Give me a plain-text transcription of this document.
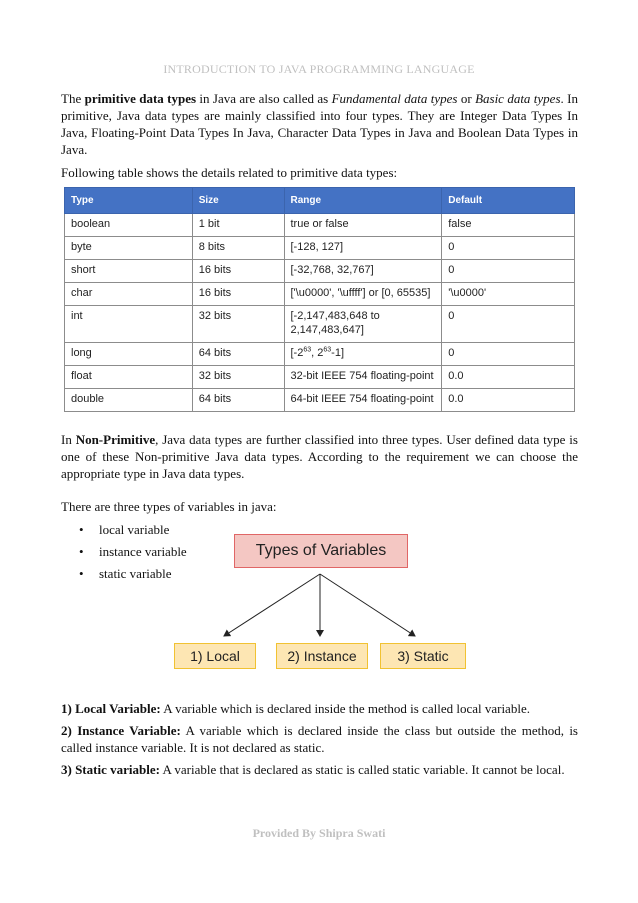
INTRODUCTION TO JAVA PROGRAMMING LANGUAGE

The primitive data types in Java are also called as Fundamental data types or Basic data types. In primitive, Java data types are mainly classified into four types. They are Integer Data Types In Java, Floating-Point Data Types In Java, Character Data Types in Java and Boolean Data Types in Java.

Following table shows the details related to primitive data types:

Type	Size	Range	Default
boolean	1 bit	true or false	false
byte	8 bits	[-128, 127]	0
short	16 bits	[-32,768, 32,767]	0
char	16 bits	['\u0000', '\uffff'] or [0, 65535]	'\u0000'
int	32 bits	[-2,147,483,648 to 2,147,483,647]	0
long	64 bits	[$-2^{63}$, $2^{63}-1$]	0
float	32 bits	32-bit IEEE 754 floating-point	0.0
double	64 bits	64-bit IEEE 754 floating-point	0.0

In Non-Primitive, Java data types are further classified into three types. User defined data type is one of these Non-primitive Java data types. According to the requirement we can choose the appropriate type in Java data types.

There are three types of variables in java:

• local variable
• instance variable
• static variable
Types of Variables
1) Local	2) Instance	3) Static

1) Local Variable: A variable which is declared inside the method is called local variable.

2) Instance Variable: A variable which is declared inside the class but outside the method, is called instance variable. It is not declared as static.

3) Static variable: A variable that is declared as static is called static variable. It cannot be local.

Provided By Shipra Swati
